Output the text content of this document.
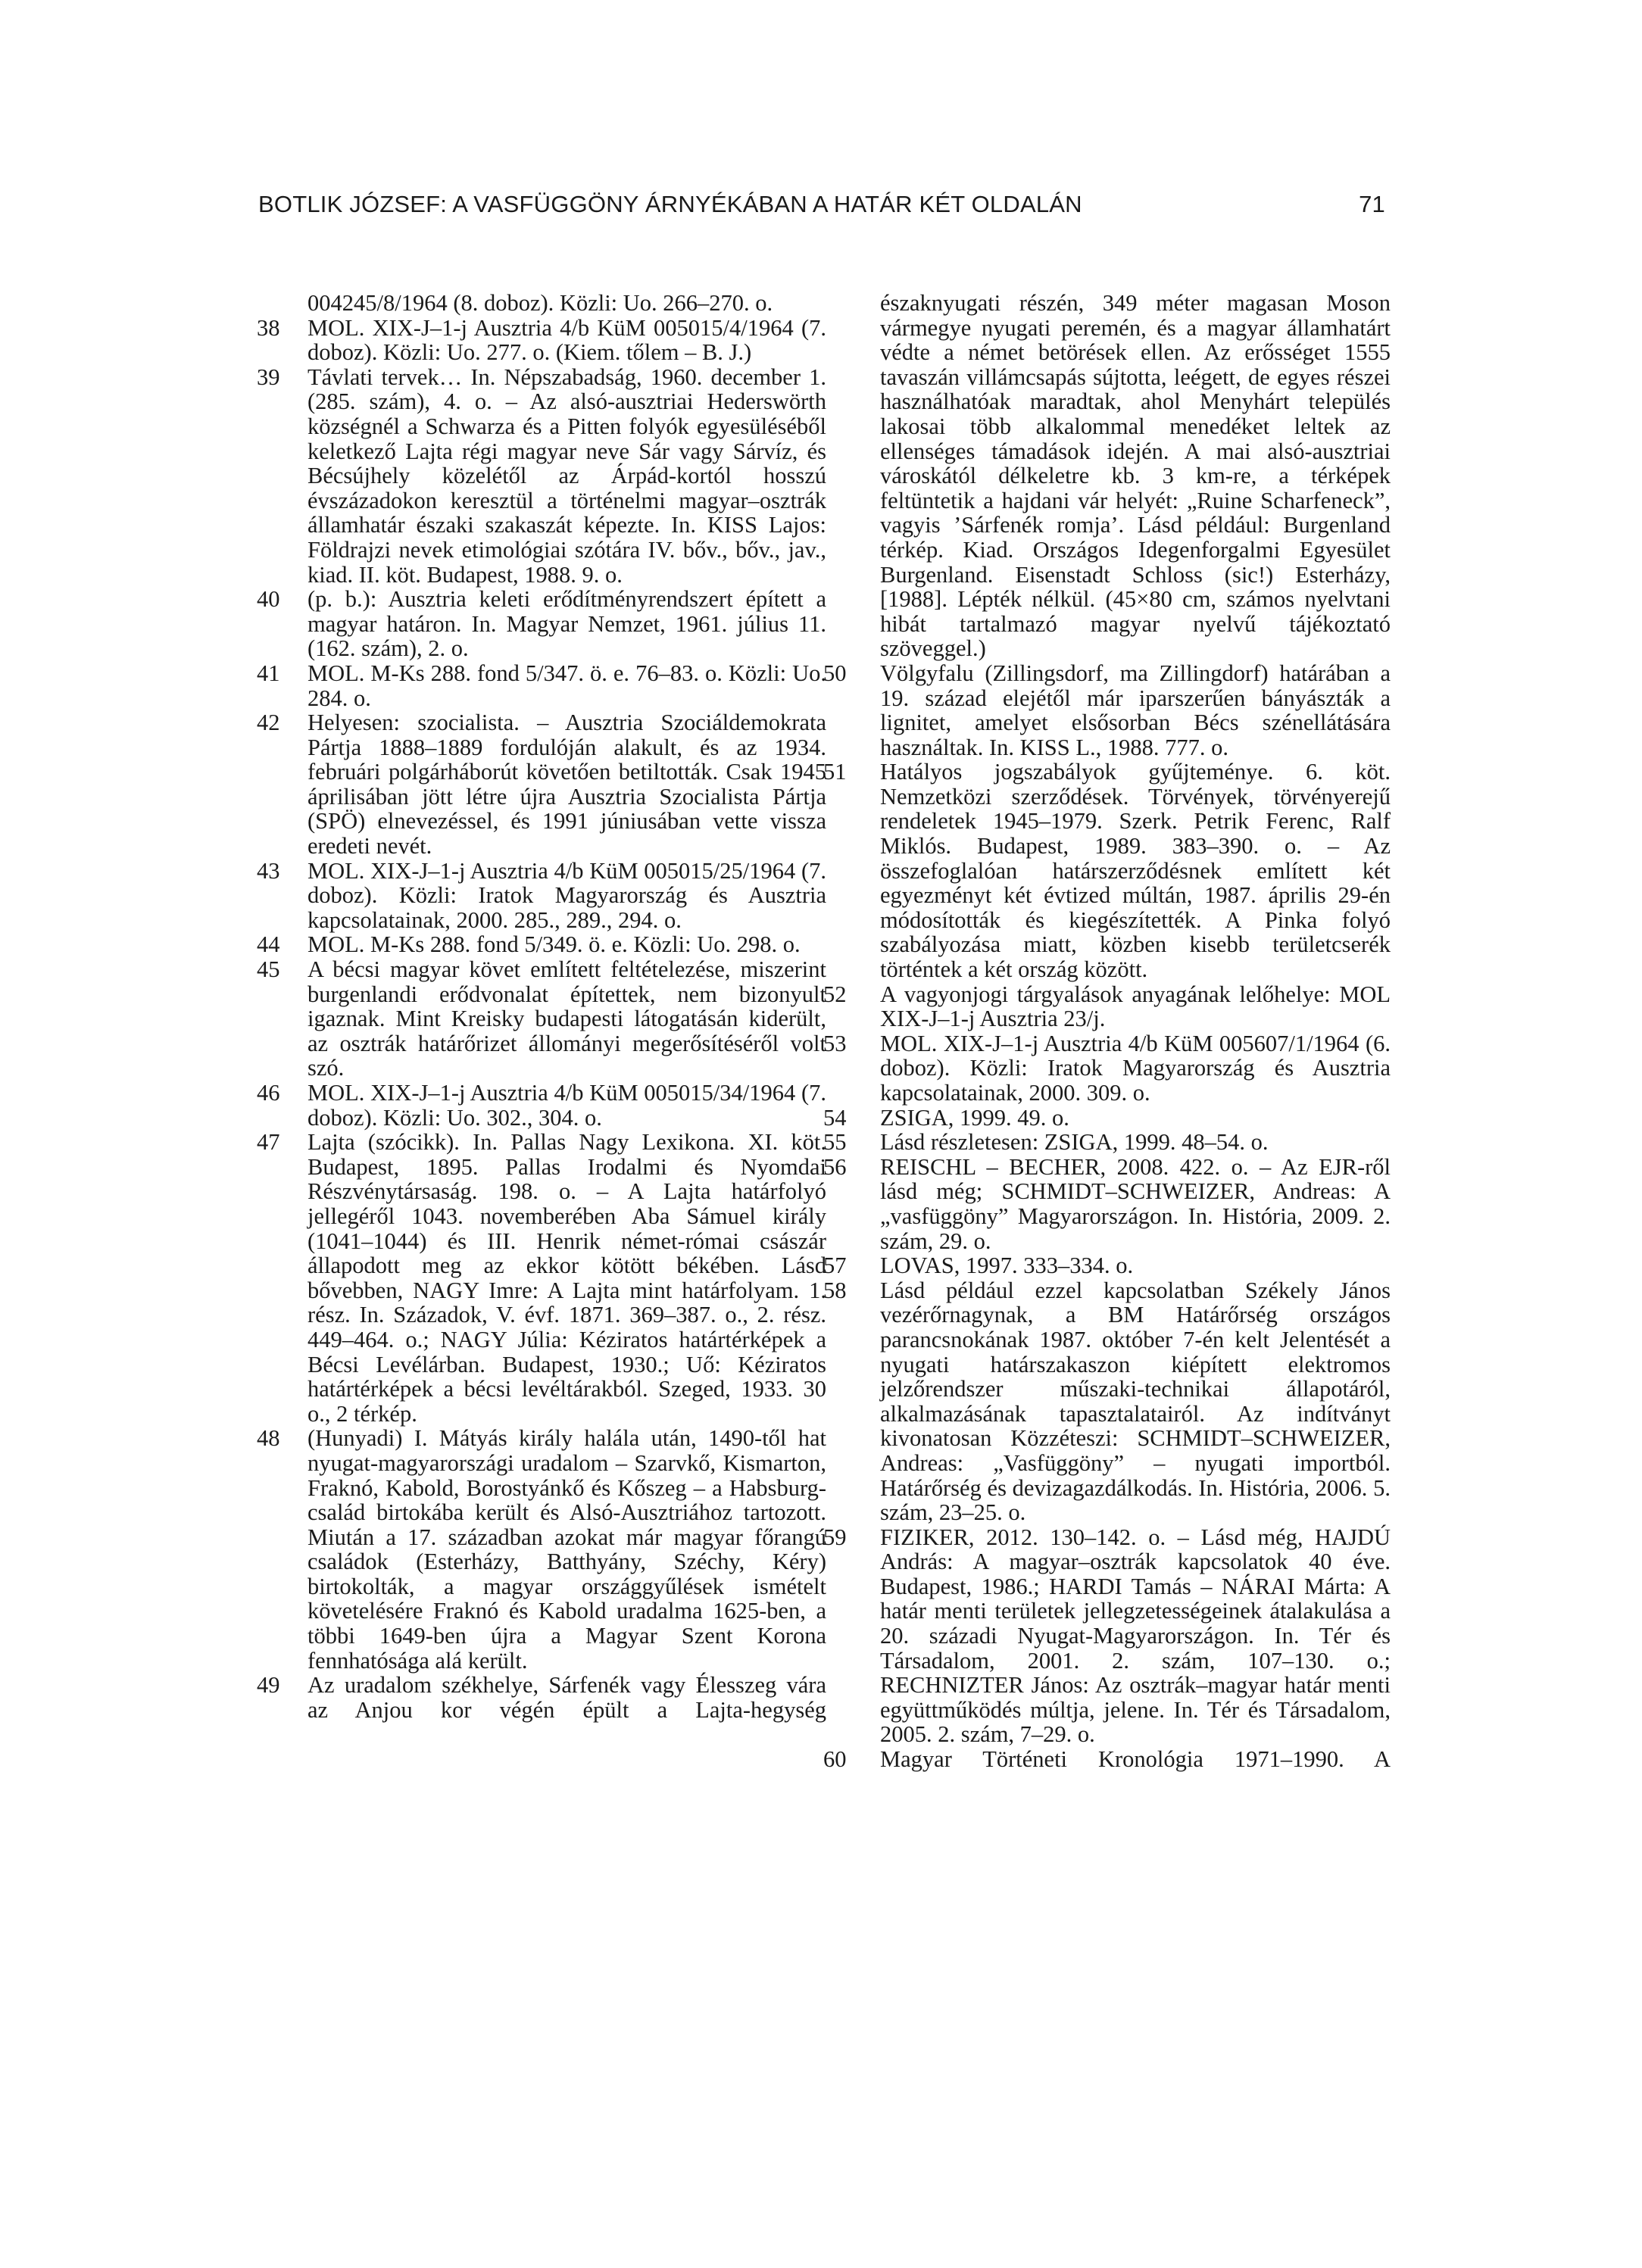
BOTLIK JÓZSEF: A VASFÜGGÖNY ÁRNYÉKÁBAN A HATÁR KÉT OLDALÁN	71
004245/8/1964 (8. doboz). Közli: Uo. 266–270. o.
38	MOL. XIX-J–1-j Ausztria 4/b KüM 005015/4/1964 (7. doboz). Közli: Uo. 277. o. (Kiem. tőlem – B. J.)
39	Távlati tervek… In. Népszabadság, 1960. december 1. (285. szám), 4. o. – Az alsó-ausztriai Hederswörth községnél a Schwarza és a Pitten folyók egyesüléséből keletkező Lajta régi magyar neve Sár vagy Sárvíz, és Bécsújhely közelétől az Árpád-kortól hosszú évszázadokon keresztül a történelmi magyar–osztrák államhatár északi szakaszát képezte. In. KISS Lajos: Földrajzi nevek etimológiai szótára IV. bőv., bőv., jav., kiad. II. köt. Budapest, 1988. 9. o.
40	(p. b.): Ausztria keleti erődítményrendszert épített a magyar határon. In. Magyar Nemzet, 1961. július 11. (162. szám), 2. o.
41	MOL. M-Ks 288. fond 5/347. ö. e. 76–83. o. Közli: Uo. 284. o.
42	Helyesen: szocialista. – Ausztria Szociáldemokrata Pártja 1888–1889 fordulóján alakult, és az 1934. februári polgárháborút követően betiltották. Csak 1945 áprilisában jött létre újra Ausztria Szocialista Pártja (SPÖ) elnevezéssel, és 1991 júniusában vette vissza eredeti nevét.
43	MOL. XIX-J–1-j Ausztria 4/b KüM 005015/25/1964 (7. doboz). Közli: Iratok Magyarország és Ausztria kapcsolatainak, 2000. 285., 289., 294. o.
44	MOL. M-Ks 288. fond 5/349. ö. e. Közli: Uo. 298. o.
45	A bécsi magyar követ említett feltételezése, miszerint burgenlandi erődvonalat építettek, nem bizonyult igaznak. Mint Kreisky budapesti látogatásán kiderült, az osztrák határőrizet állományi megerősítéséről volt szó.
46	MOL. XIX-J–1-j Ausztria 4/b KüM 005015/34/1964 (7. doboz). Közli: Uo. 302., 304. o.
47	Lajta (szócikk). In. Pallas Nagy Lexikona. XI. köt. Budapest, 1895. Pallas Irodalmi és Nyomdai Részvénytársaság. 198. o. – A Lajta határfolyó jellegéről 1043. novemberében Aba Sámuel király (1041–1044) és III. Henrik német-római császár állapodott meg az ekkor kötött békében. Lásd bővebben, NAGY Imre: A Lajta mint határfolyam. 1. rész. In. Századok, V. évf. 1871. 369–387. o., 2. rész. 449–464. o.; NAGY Júlia: Kéziratos határtérképek a Bécsi Levélárban. Budapest, 1930.; Uő: Kéziratos határtérképek a bécsi levéltárakból. Szeged, 1933. 30 o., 2 térkép.
48	(Hunyadi) I. Mátyás király halála után, 1490-től hat nyugat-magyarországi uradalom – Szarvkő, Kismarton, Fraknó, Kabold, Borostyánkő és Kőszeg – a Habsburg-család birtokába került és Alsó-Ausztriához tartozott. Miután a 17. században azokat már magyar főrangú családok (Esterházy, Batthyány, Széchy, Kéry) birtokolták, a magyar országgyűlések ismételt követelésére Fraknó és Kabold uradalma 1625-ben, a többi 1649-ben újra a Magyar Szent Korona fennhatósága alá került.
49	Az uradalom székhelye, Sárfenék vagy Élesszeg vára az Anjou kor végén épült a Lajta-hegység
északnyugati részén, 349 méter magasan Moson vármegye nyugati peremén, és a magyar államhatárt védte a német betörések ellen. Az erősséget 1555 tavaszán villámcsapás sújtotta, leégett, de egyes részei használhatóak maradtak, ahol Menyhárt település lakosai több alkalommal menedéket leltek az ellenséges támadások idején. A mai alsó-ausztriai városkától délkeletre kb. 3 km-re, a térképek feltüntetik a hajdani vár helyét: „Ruine Scharfeneck”, vagyis ’Sárfenék romja’. Lásd például: Burgenland térkép. Kiad. Országos Idegenforgalmi Egyesület Burgenland. Eisenstadt Schloss (sic!) Esterházy, [1988]. Lépték nélkül. (45×80 cm, számos nyelvtani hibát tartalmazó magyar nyelvű tájékoztató szöveggel.)
50	Völgyfalu (Zillingsdorf, ma Zillingdorf) határában a 19. század elejétől már iparszerűen bányászták a lignitet, amelyet elsősorban Bécs szénellátására használtak. In. KISS L., 1988. 777. o.
51	Hatályos jogszabályok gyűjteménye. 6. köt. Nemzetközi szerződések. Törvények, törvényerejű rendeletek 1945–1979. Szerk. Petrik Ferenc, Ralf Miklós. Budapest, 1989. 383–390. o. – Az összefoglalóan határszerződésnek említett két egyezményt két évtized múltán, 1987. április 29-én módosították és kiegészítették. A Pinka folyó szabályozása miatt, közben kisebb területcserék történtek a két ország között.
52	A vagyonjogi tárgyalások anyagának lelőhelye: MOL XIX-J–1-j Ausztria 23/j.
53	MOL. XIX-J–1-j Ausztria 4/b KüM 005607/1/1964 (6. doboz). Közli: Iratok Magyarország és Ausztria kapcsolatainak, 2000. 309. o.
54	ZSIGA, 1999. 49. o.
55	Lásd részletesen: ZSIGA, 1999. 48–54. o.
56	REISCHL – BECHER, 2008. 422. o. – Az EJR-ről lásd még; SCHMIDT–SCHWEIZER, Andreas: A „vasfüggöny” Magyarországon. In. História, 2009. 2. szám, 29. o.
57	LOVAS, 1997. 333–334. o.
58	Lásd például ezzel kapcsolatban Székely János vezérőrnagynak, a BM Határőrség országos parancsnokának 1987. október 7-én kelt Jelentését a nyugati határszakaszon kiépített elektromos jelzőrendszer műszaki-technikai állapotáról, alkalmazásának tapasztalatairól. Az indítványt kivonatosan Közzéteszi: SCHMIDT–SCHWEIZER, Andreas: „Vasfüggöny” – nyugati importból. Határőrség és devizagazdálkodás. In. História, 2006. 5. szám, 23–25. o.
59	FIZIKER, 2012. 130–142. o. – Lásd még, HAJDÚ András: A magyar–osztrák kapcsolatok 40 éve. Budapest, 1986.; HARDI Tamás – NÁRAI Márta: A határ menti területek jellegzetességeinek átalakulása a 20. századi Nyugat-Magyarországon. In. Tér és Társadalom, 2001. 2. szám, 107–130. o.; RECHNIZTER János: Az osztrák–magyar határ menti együttműködés múltja, jelene. In. Tér és Társadalom, 2005. 2. szám, 7–29. o.
60	Magyar Történeti Kronológia 1971–1990. A
